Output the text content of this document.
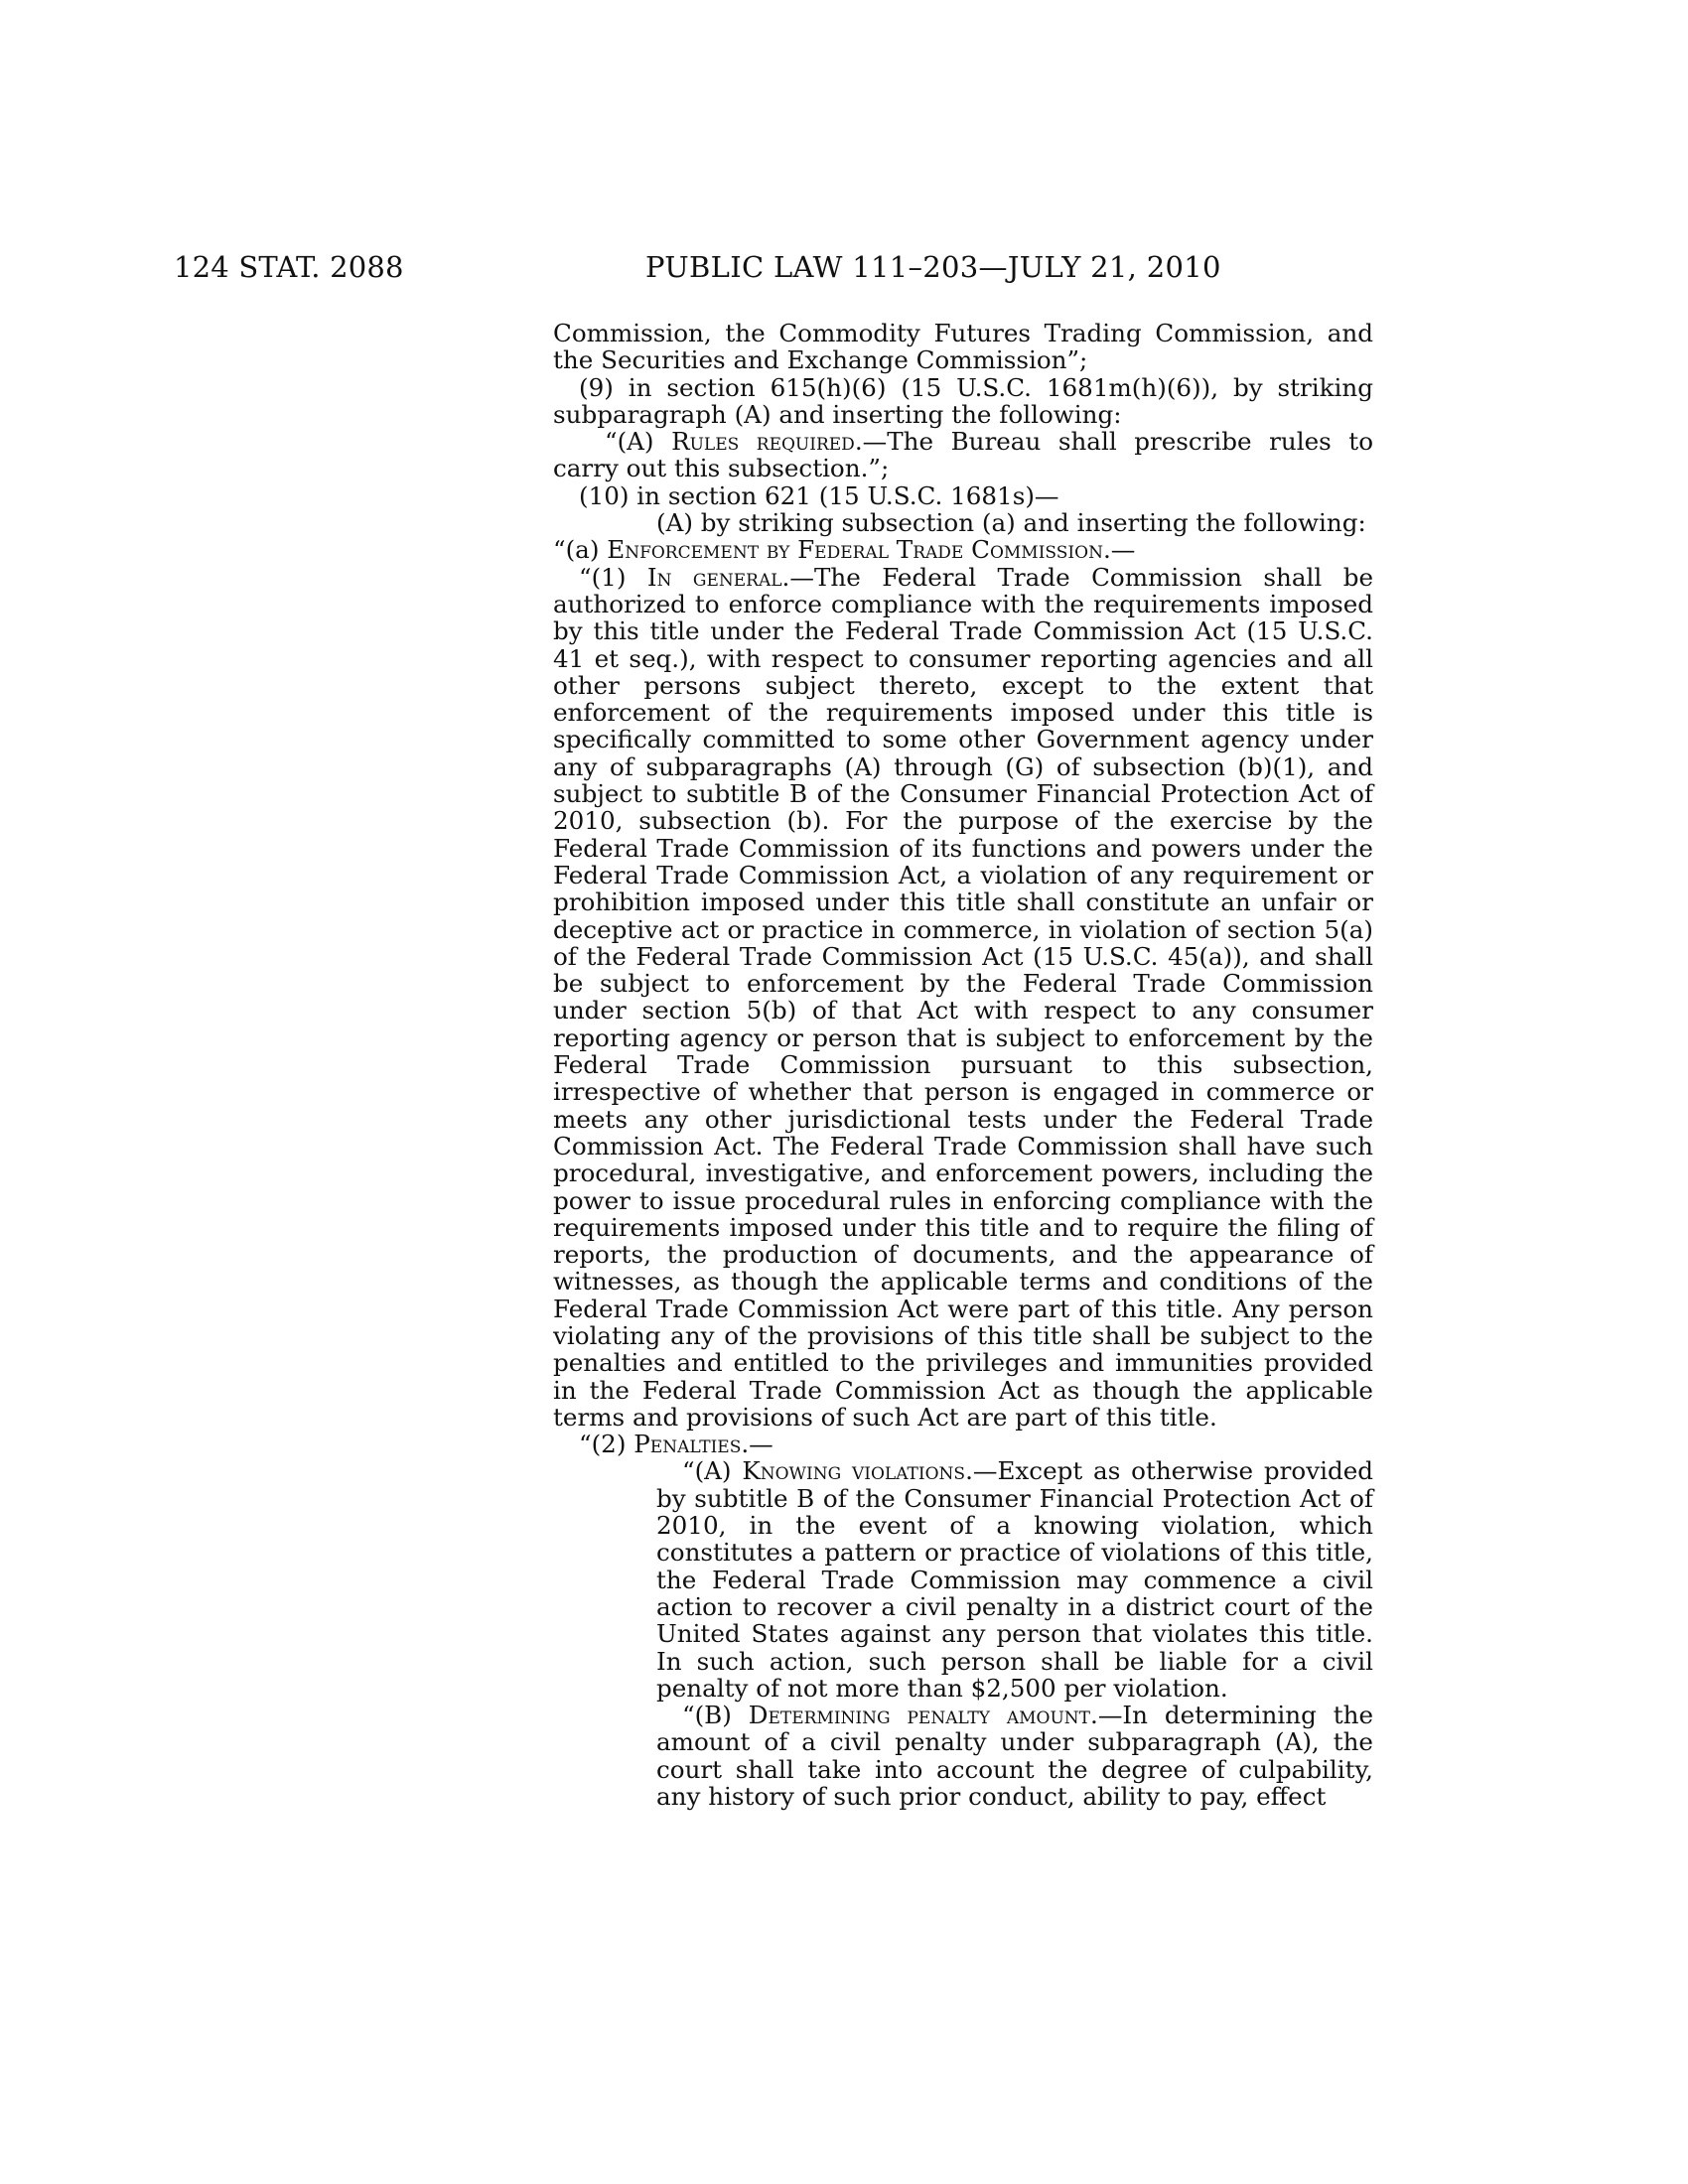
124 STAT. 2088	PUBLIC LAW 111–203—JULY 21, 2010

Commission, the Commodity Futures Trading Commission, and the Securities and Exchange Commission”;

(9) in section 615(h)(6) (15 U.S.C. 1681m(h)(6)), by striking subparagraph (A) and inserting the following:

“(A) Rules required.—The Bureau shall prescribe rules to carry out this subsection.”;

(10) in section 621 (15 U.S.C. 1681s)—

(A) by striking subsection (a) and inserting the following:

“(a) Enforcement by Federal Trade Commission.—

“(1) In general.—The Federal Trade Commission shall be authorized to enforce compliance with the requirements imposed by this title under the Federal Trade Commission Act (15 U.S.C. 41 et seq.), with respect to consumer reporting agencies and all other persons subject thereto, except to the extent that enforcement of the requirements imposed under this title is specifically committed to some other Government agency under any of subparagraphs (A) through (G) of subsection (b)(1), and subject to subtitle B of the Consumer Financial Protection Act of 2010, subsection (b). For the purpose of the exercise by the Federal Trade Commission of its functions and powers under the Federal Trade Commission Act, a violation of any requirement or prohibition imposed under this title shall constitute an unfair or deceptive act or practice in commerce, in violation of section 5(a) of the Federal Trade Commission Act (15 U.S.C. 45(a)), and shall be subject to enforcement by the Federal Trade Commission under section 5(b) of that Act with respect to any consumer reporting agency or person that is subject to enforcement by the Federal Trade Commission pursuant to this subsection, irrespective of whether that person is engaged in commerce or meets any other jurisdictional tests under the Federal Trade Commission Act. The Federal Trade Commission shall have such procedural, investigative, and enforcement powers, including the power to issue procedural rules in enforcing compliance with the requirements imposed under this title and to require the filing of reports, the production of documents, and the appearance of witnesses, as though the applicable terms and conditions of the Federal Trade Commission Act were part of this title. Any person violating any of the provisions of this title shall be subject to the penalties and entitled to the privileges and immunities provided in the Federal Trade Commission Act as though the applicable terms and provisions of such Act are part of this title.

“(2) Penalties.—

“(A) Knowing violations.—Except as otherwise provided by subtitle B of the Consumer Financial Protection Act of 2010, in the event of a knowing violation, which constitutes a pattern or practice of violations of this title, the Federal Trade Commission may commence a civil action to recover a civil penalty in a district court of the United States against any person that violates this title. In such action, such person shall be liable for a civil penalty of not more than $2,500 per violation.

“(B) Determining penalty amount.—In determining the amount of a civil penalty under subparagraph (A), the court shall take into account the degree of culpability, any history of such prior conduct, ability to pay, effect
